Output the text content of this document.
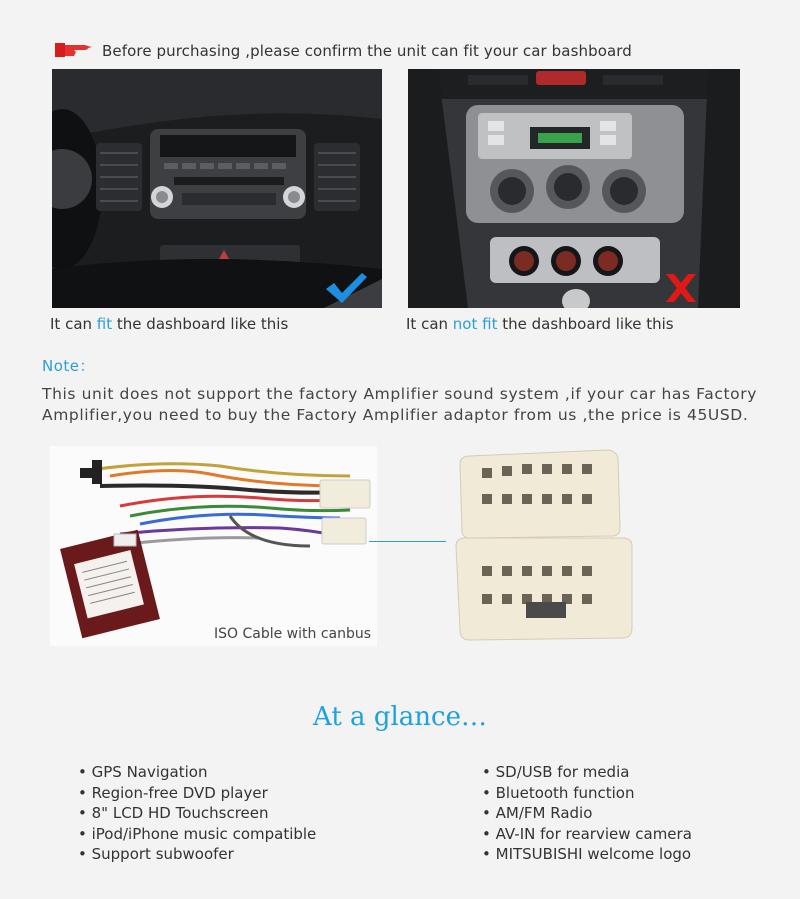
Before purchasing ,please confirm the unit can fit your car bashboard
It can fit the dashboard like this	It can not fit the dashboard like this
Note：
This unit does not support the factory Amplifier sound system ,if your car has Factory Amplifier,you need to buy the Factory Amplifier adaptor from us ,the price is 45USD.
ISO Cable with canbus
At a glance…
• GPS Navigation
• Region-free DVD player
• 8" LCD HD Touchscreen
• iPod/iPhone music compatible
• Support subwoofer
• SD/USB for media
• Bluetooth function
• AM/FM Radio
• AV-IN for rearview camera
• MITSUBISHI welcome logo
